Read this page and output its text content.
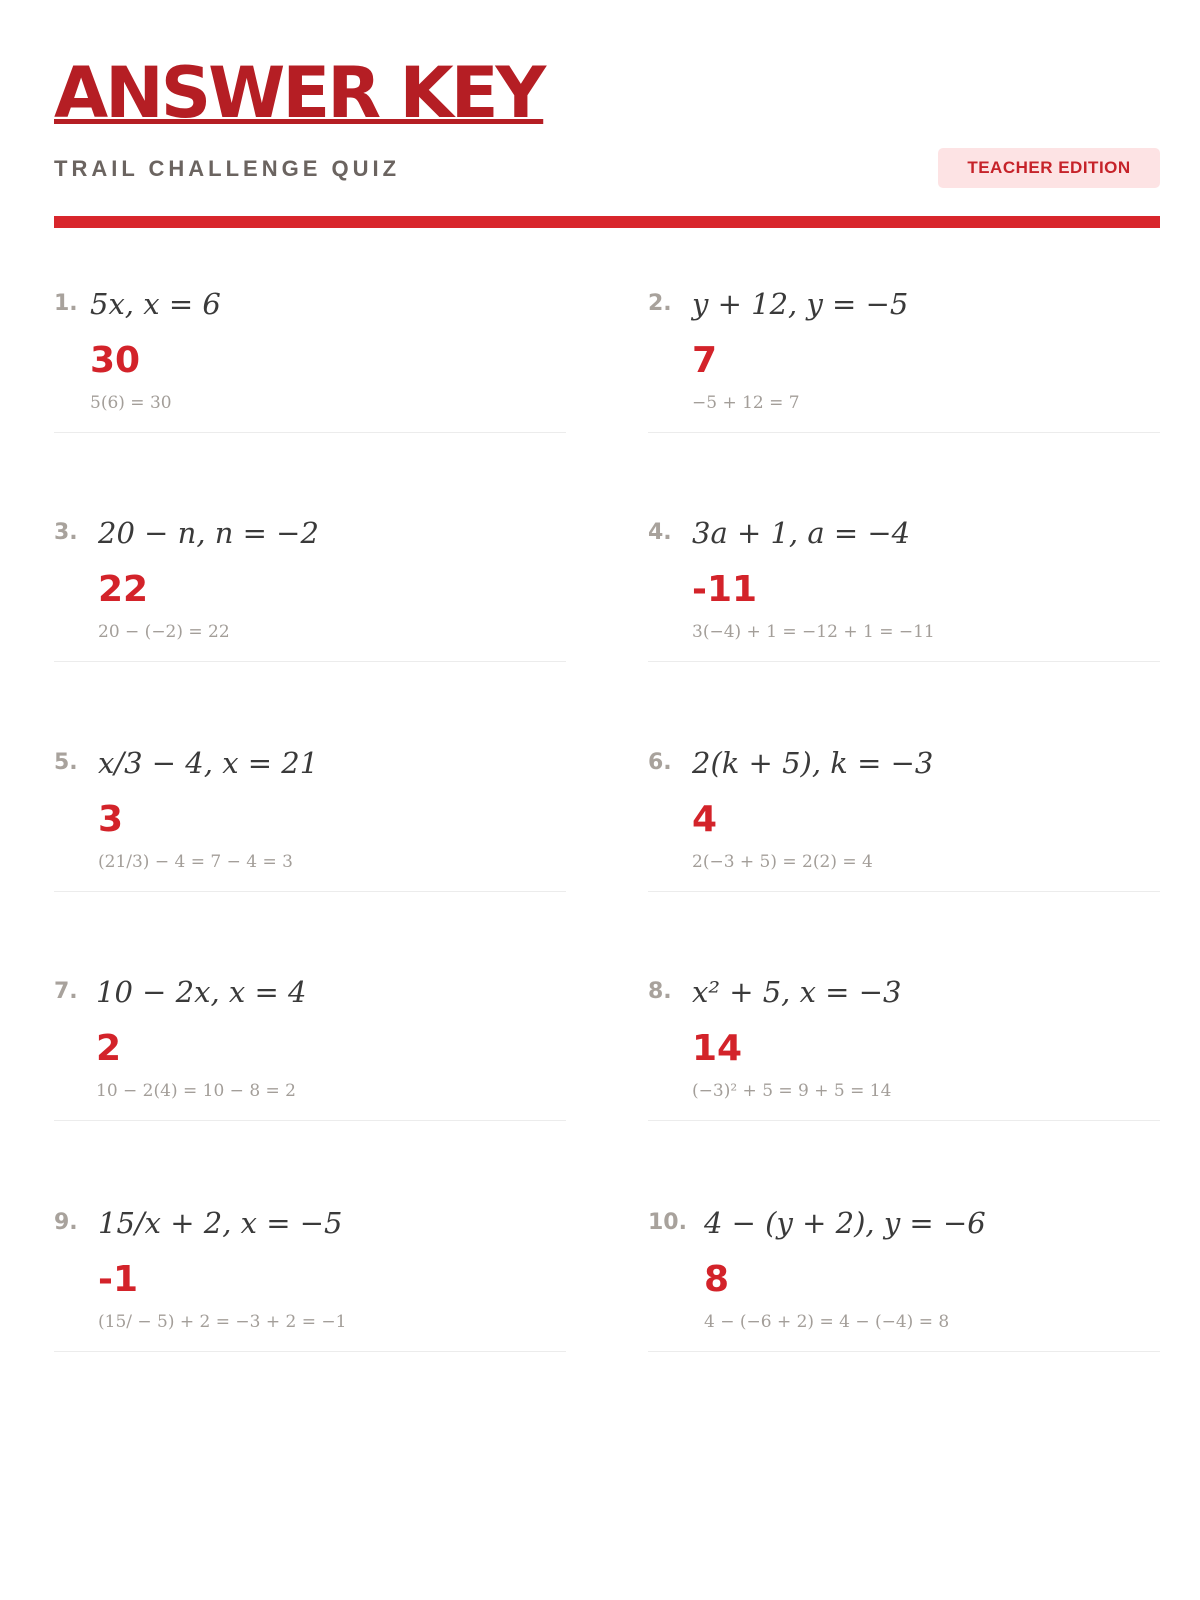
ANSWER KEY
TRAIL CHALLENGE QUIZ	TEACHER EDITION
1. 5x, x = 6
30
5(6) = 30
2. y + 12, y = −5
7
−5 + 12 = 7
3. 20 − n, n = −2
22
20 − (−2) = 22
4. 3a + 1, a = −4
-11
3(−4) + 1 = −12 + 1 = −11
5. x/3 − 4, x = 21
3
(21/3) − 4 = 7 − 4 = 3
6. 2(k + 5), k = −3
4
2(−3 + 5) = 2(2) = 4
7. 10 − 2x, x = 4
2
10 − 2(4) = 10 − 8 = 2
8. x² + 5, x = −3
14
(−3)² + 5 = 9 + 5 = 14
9. 15/x + 2, x = −5
-1
(15/ − 5) + 2 = −3 + 2 = −1
10. 4 − (y + 2), y = −6
8
4 − (−6 + 2) = 4 − (−4) = 8
